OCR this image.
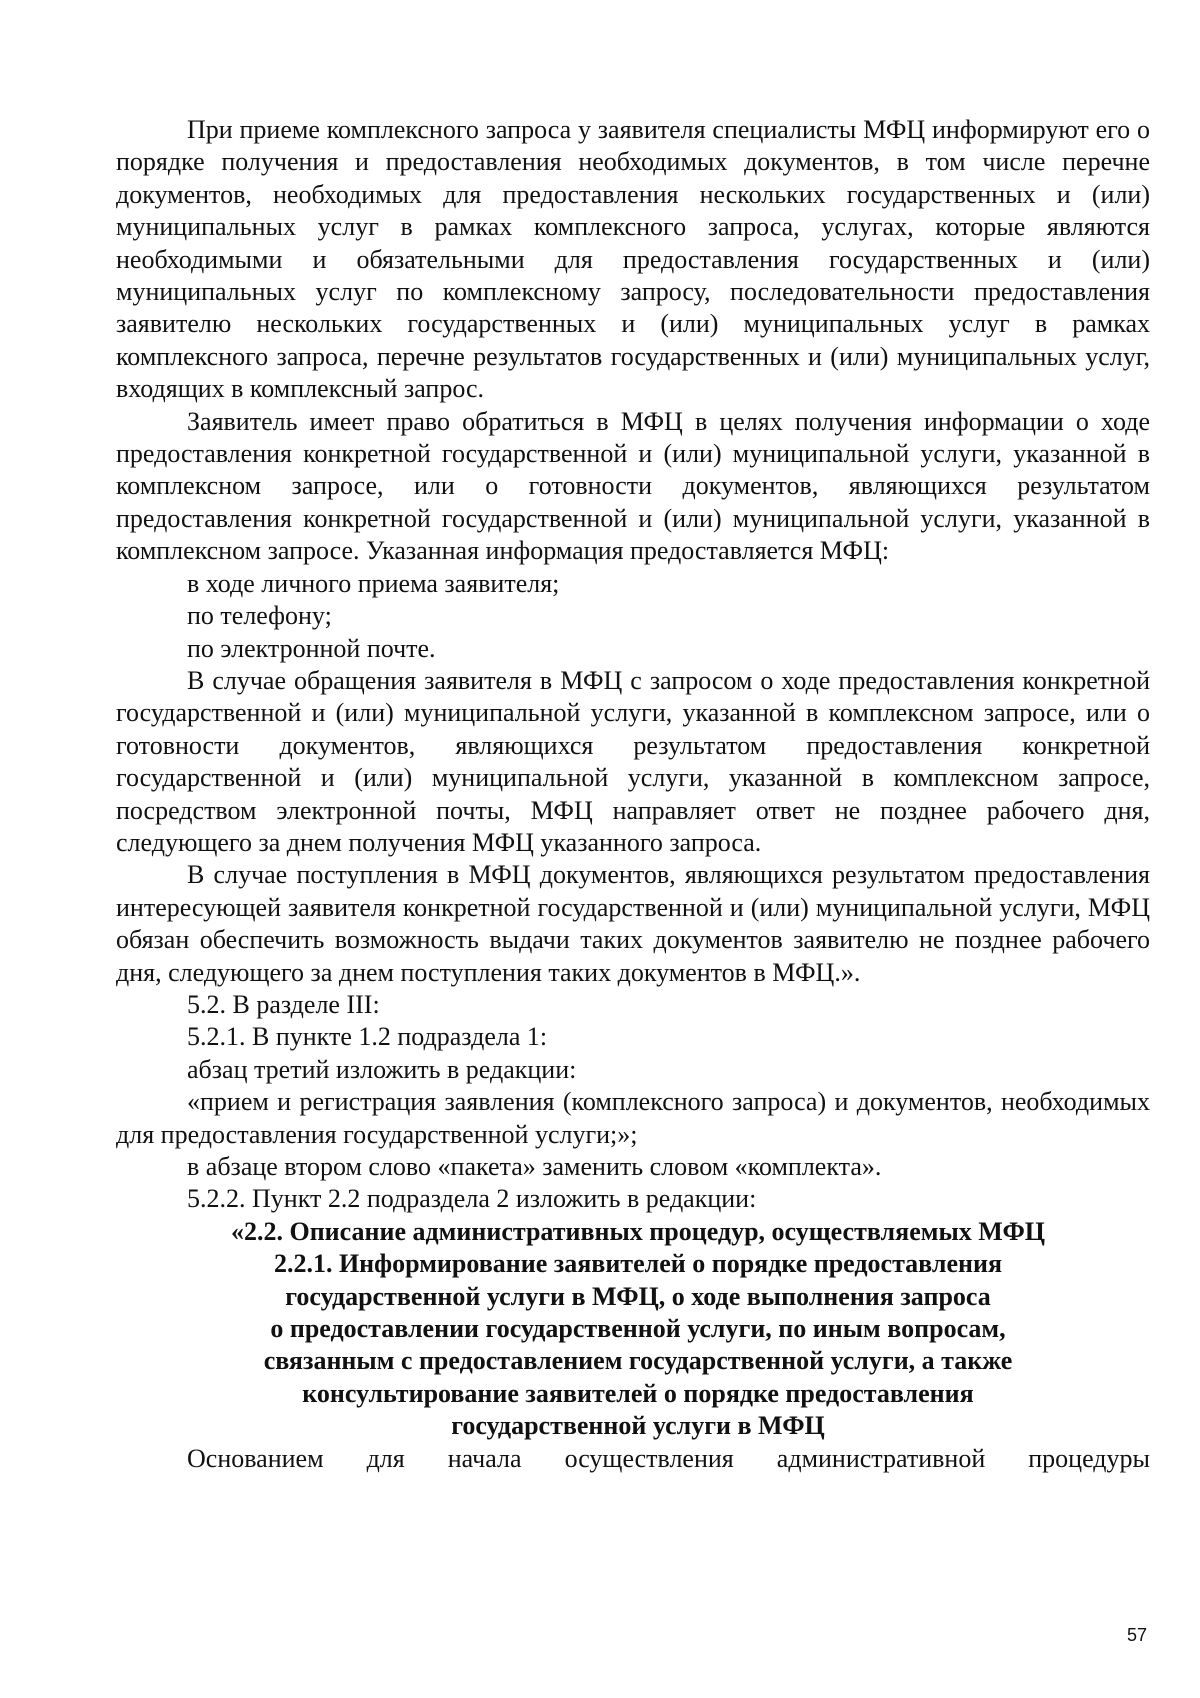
При приеме комплексного запроса у заявителя специалисты МФЦ информируют его о порядке получения и предоставления необходимых документов, в том числе перечне документов, необходимых для предоставления нескольких государственных и (или) муниципальных услуг в рамках комплексного запроса, услугах, которые являются необходимыми и обязательными для предоставления государственных и (или) муниципальных услуг по комплексному запросу, последовательности предоставления заявителю нескольких государственных и (или) муниципальных услуг в рамках комплексного запроса, перечне результатов государственных и (или) муниципальных услуг, входящих в комплексный запрос.

Заявитель имеет право обратиться в МФЦ в целях получения информации о ходе предоставления конкретной государственной и (или) муниципальной услуги, указанной в комплексном запросе, или о готовности документов, являющихся результатом предоставления конкретной государственной и (или) муниципальной услуги, указанной в комплексном запросе. Указанная информация предоставляется МФЦ:

в ходе личного приема заявителя;

по телефону;

по электронной почте.

В случае обращения заявителя в МФЦ с запросом о ходе предоставления конкретной государственной и (или) муниципальной услуги, указанной в комплексном запросе, или о готовности документов, являющихся результатом предоставления конкретной государственной и (или) муниципальной услуги, указанной в комплексном запросе, посредством электронной почты, МФЦ направляет ответ не позднее рабочего дня, следующего за днем получения МФЦ указанного запроса.

В случае поступления в МФЦ документов, являющихся результатом предоставления интересующей заявителя конкретной государственной и (или) муниципальной услуги, МФЦ обязан обеспечить возможность выдачи таких документов заявителю не позднее рабочего дня, следующего за днем поступления таких документов в МФЦ.».

5.2. В разделе III:

5.2.1. В пункте 1.2 подраздела 1:

абзац третий изложить в редакции:

«прием и регистрация заявления (комплексного запроса) и документов, необходимых для предоставления государственной услуги;»;

в абзаце втором слово «пакета» заменить словом «комплекта».

5.2.2. Пункт 2.2 подраздела 2 изложить в редакции:

«2.2. Описание административных процедур, осуществляемых МФЦ
2.2.1. Информирование заявителей о порядке предоставления
государственной услуги в МФЦ, о ходе выполнения запроса
о предоставлении государственной услуги, по иным вопросам,
связанным с предоставлением государственной услуги, а также
консультирование заявителей о порядке предоставления
государственной услуги в МФЦ

Основанием для начала осуществления административной процедуры

57
